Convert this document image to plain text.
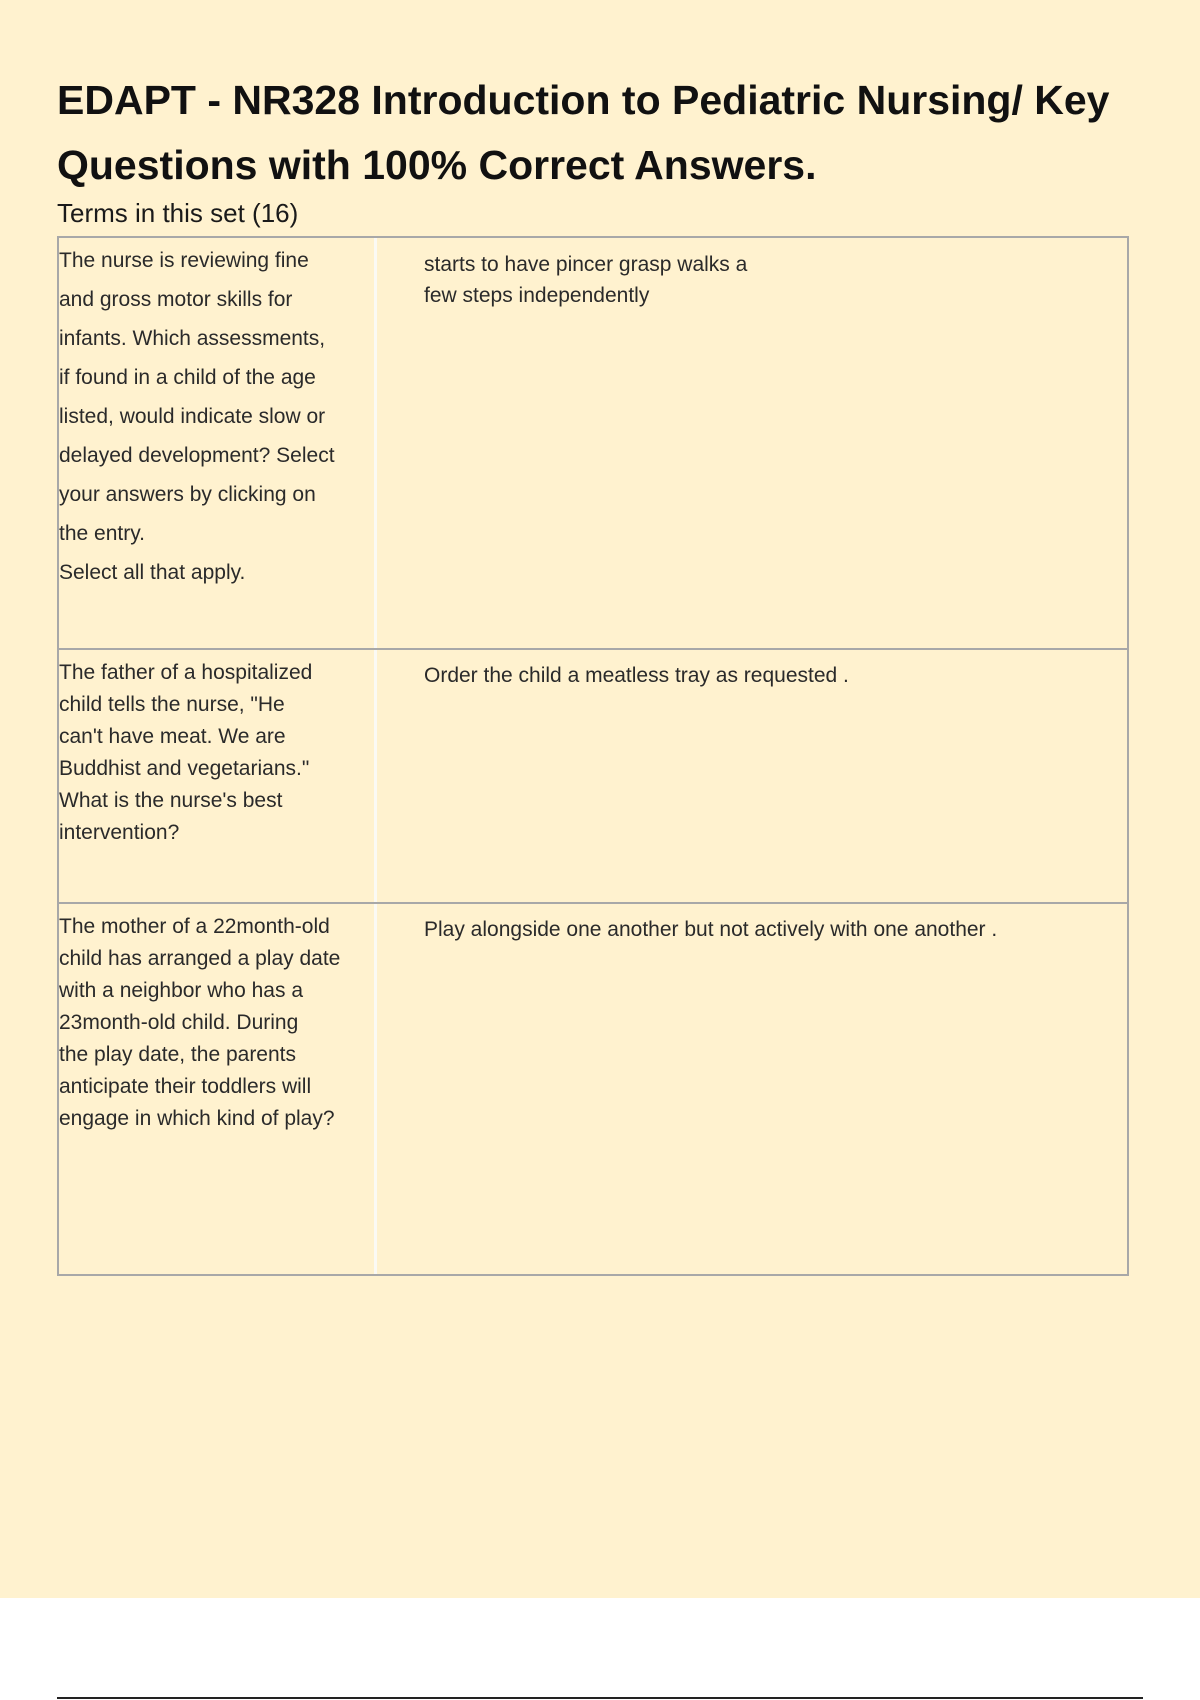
EDAPT - NR328 Introduction to Pediatric Nursing/ Key Questions with 100% Correct Answers.

Terms in this set (16)

The nurse is reviewing fine
and gross motor skills for
infants. Which assessments,
if found in a child of the age
listed, would indicate slow or
delayed development? Select
your answers by clicking on
the entry.
Select all that apply.
starts to have pincer grasp walks a
few steps independently
The father of a hospitalized
child tells the nurse, "He
can't have meat. We are
Buddhist and vegetarians."
What is the nurse's best
intervention?
Order the child a meatless tray as requested .
The mother of a 22month-old
child has arranged a play date
with a neighbor who has a
23month-old child. During
the play date, the parents
anticipate their toddlers will
engage in which kind of play?
Play alongside one another but not actively with one another .
